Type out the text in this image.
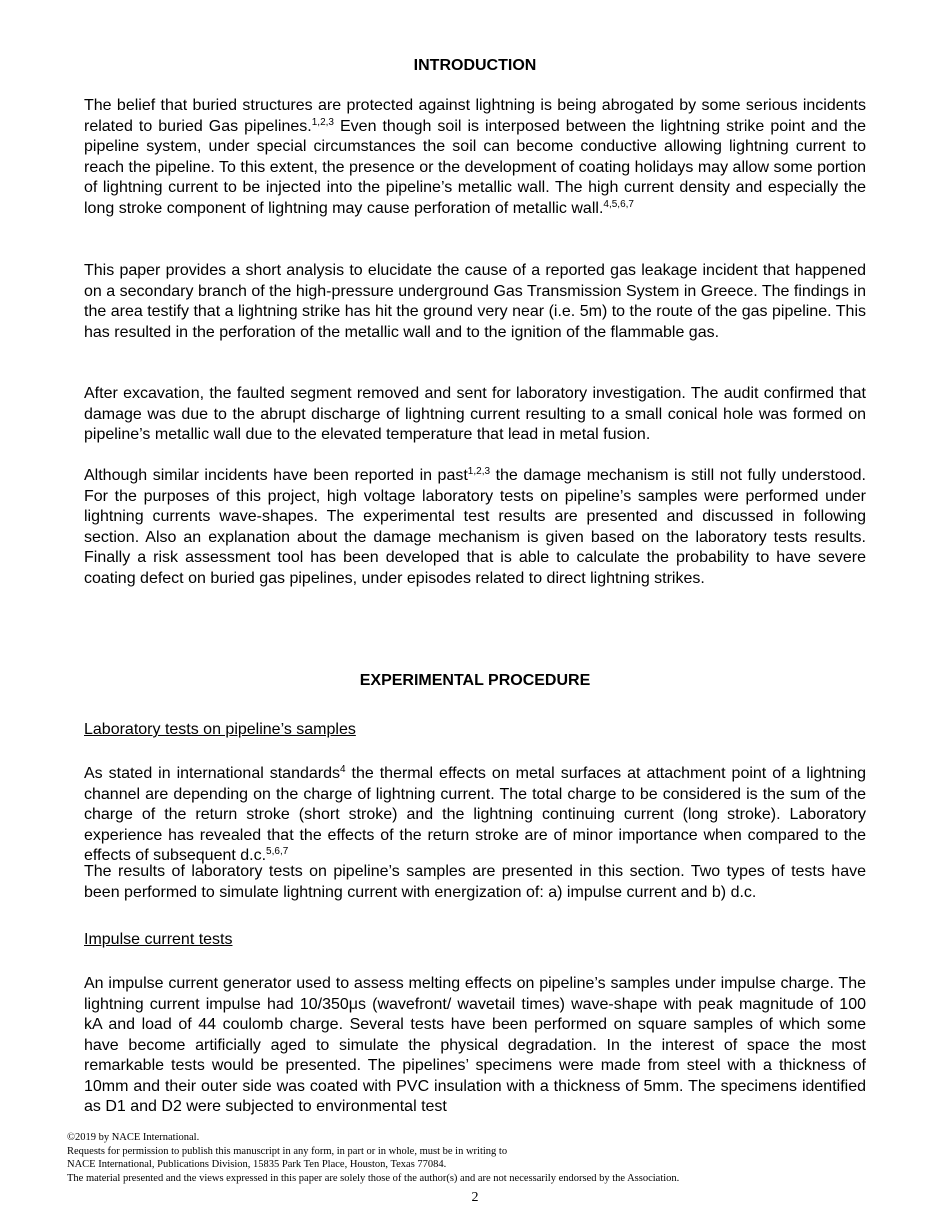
INTRODUCTION

The belief that buried structures are protected against lightning is being abrogated by some serious incidents related to buried Gas pipelines.$^{1,2,3}$ Even though soil is interposed between the lightning strike point and the pipeline system, under special circumstances the soil can become conductive allowing lightning current to reach the pipeline. To this extent, the presence or the development of coating holidays may allow some portion of lightning current to be injected into the pipeline’s metallic wall. The high current density and especially the long stroke component of lightning may cause perforation of metallic wall.$^{4,5,6,7}$

This paper provides a short analysis to elucidate the cause of a reported gas leakage incident that happened on a secondary branch of the high-pressure underground Gas Transmission System in Greece. The findings in the area testify that a lightning strike has hit the ground very near (i.e. 5m) to the route of the gas pipeline. This has resulted in the perforation of the metallic wall and to the ignition of the flammable gas.

After excavation, the faulted segment removed and sent for laboratory investigation. The audit confirmed that damage was due to the abrupt discharge of lightning current resulting to a small conical hole was formed on pipeline’s metallic wall due to the elevated temperature that lead in metal fusion.

Although similar incidents have been reported in past$^{1,2,3}$ the damage mechanism is still not fully understood. For the purposes of this project, high voltage laboratory tests on pipeline’s samples were performed under lightning currents wave-shapes. The experimental test results are presented and discussed in following section. Also an explanation about the damage mechanism is given based on the laboratory tests results. Finally a risk assessment tool has been developed that is able to calculate the probability to have severe coating defect on buried gas pipelines, under episodes related to direct lightning strikes.

EXPERIMENTAL PROCEDURE

Laboratory tests on pipeline’s samples

As stated in international standards$^4$ the thermal effects on metal surfaces at attachment point of a lightning channel are depending on the charge of lightning current. The total charge to be considered is the sum of the charge of the return stroke (short stroke) and the lightning continuing current (long stroke). Laboratory experience has revealed that the effects of the return stroke are of minor importance when compared to the effects of subsequent d.c.$^{5,6,7}$

The results of laboratory tests on pipeline’s samples are presented in this section. Two types of tests have been performed to simulate lightning current with energization of: a) impulse current and b) d.c.

Impulse current tests

An impulse current generator used to assess melting effects on pipeline’s samples under impulse charge. The lightning current impulse had 10/350μs (wavefront/ wavetail times) wave-shape with peak magnitude of 100 kA and load of 44 coulomb charge. Several tests have been performed on square samples of which some have become artificially aged to simulate the physical degradation. In the interest of space the most remarkable tests would be presented. The pipelines’ specimens were made from steel with a thickness of 10mm and their outer side was coated with PVC insulation with a thickness of 5mm. The specimens identified as D1 and D2 were subjected to environmental test

©2019 by NACE International.
Requests for permission to publish this manuscript in any form, in part or in whole, must be in writing to
NACE International, Publications Division, 15835 Park Ten Place, Houston, Texas 77084.
The material presented and the views expressed in this paper are solely those of the author(s) and are not necessarily endorsed by the Association.
2
